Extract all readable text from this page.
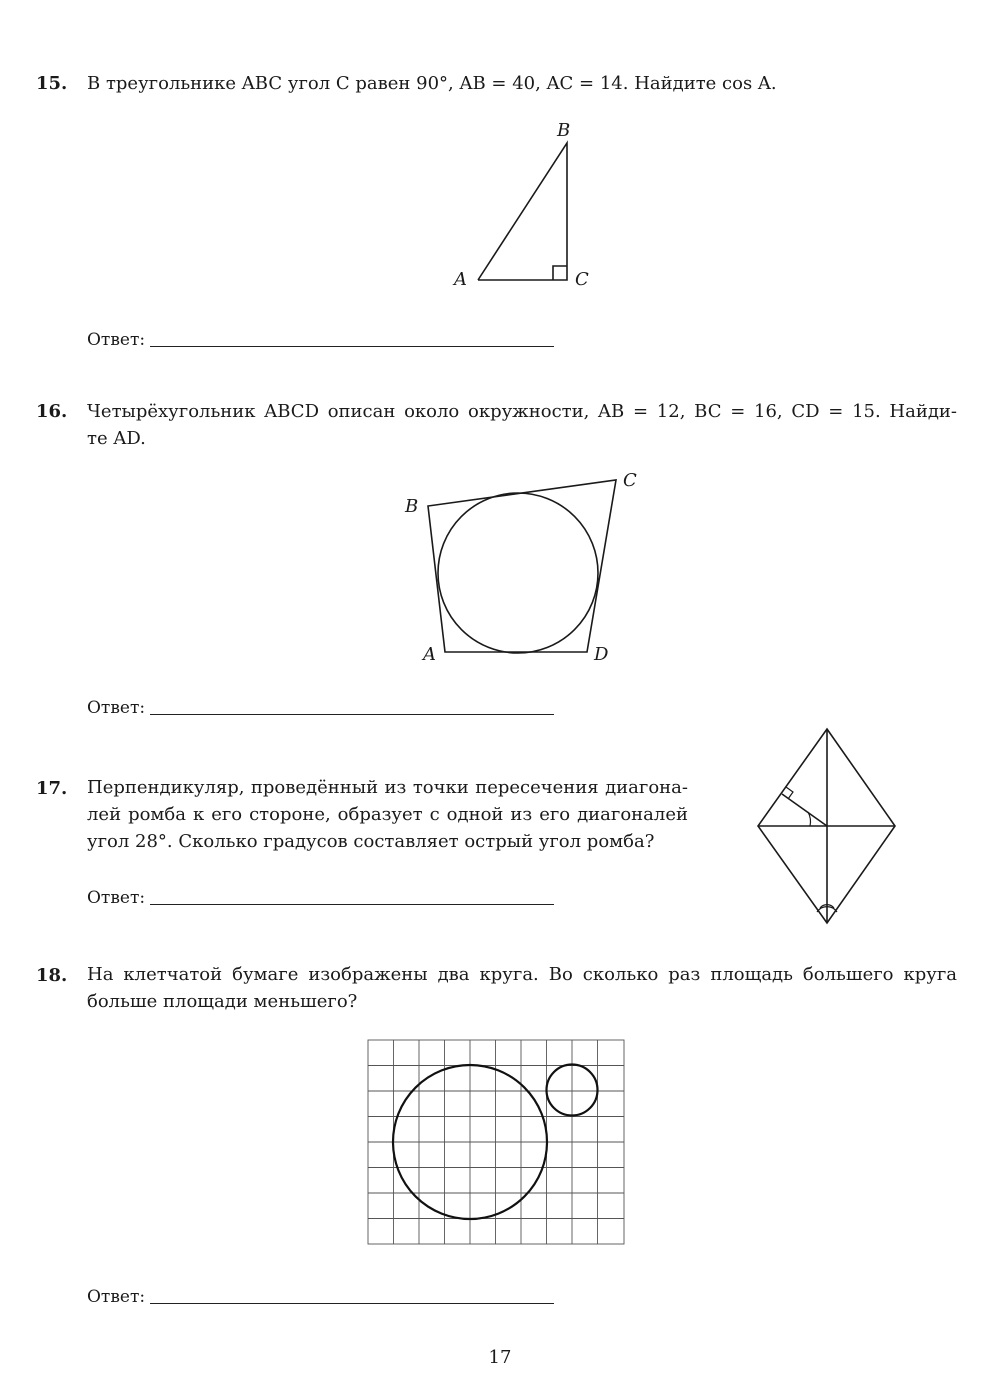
15. В треугольнике ABC угол C равен 90°, AB = 40, AC = 14. Найдите cos A.
B
A	C
B
C
A	D
Ответ:
16. Четырёхугольник ABCD описан около окружности, AB = 12, BC = 16, CD = 15. Найди-
те AD.
Ответ:
17. Перпендикуляр, проведённый из точки пересечения диагона-
лей ромба к его стороне, образует с одной из его диагоналей
угол 28°. Сколько градусов составляет острый угол ромба?
Ответ:
18. На клетчатой бумаге изображены два круга. Во сколько раз площадь большего круга
больше площади меньшего?
Ответ:
17
